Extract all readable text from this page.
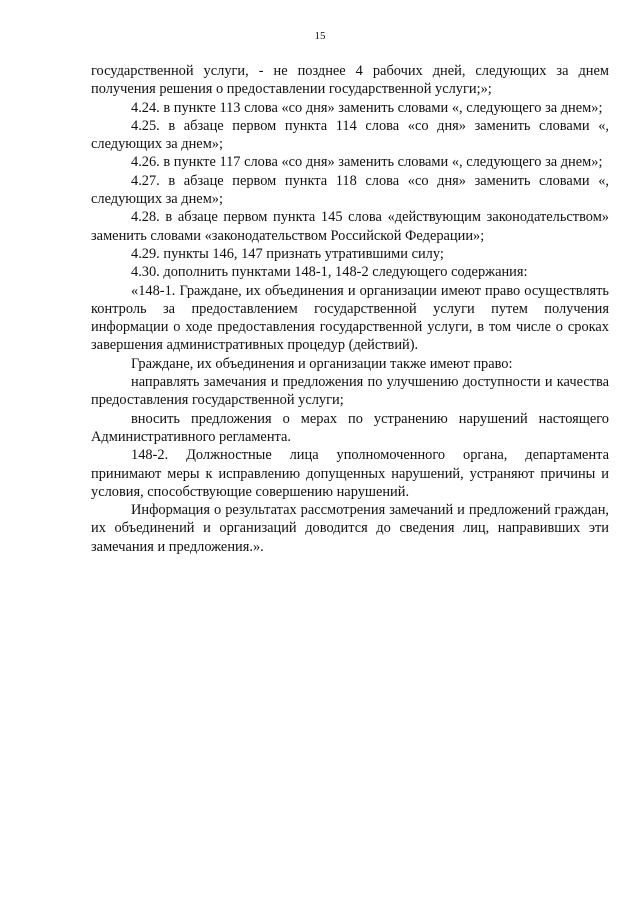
15

государственной услуги, - не позднее 4 рабочих дней, следующих за днем получения решения о предоставлении государственной услуги;»;

4.24. в пункте 113 слова «со дня» заменить словами «, следующего за днем»;

4.25. в абзаце первом пункта 114 слова «со дня» заменить словами «, следующих за днем»;

4.26. в пункте 117 слова «со дня» заменить словами «, следующего за днем»;

4.27. в абзаце первом пункта 118 слова «со дня» заменить словами «, следующих за днем»;

4.28. в абзаце первом пункта 145 слова «действующим законодательством» заменить словами «законодательством Российской Федерации»;

4.29. пункты 146, 147 признать утратившими силу;

4.30. дополнить пунктами 148-1, 148-2 следующего содержания:

«148-1. Граждане, их объединения и организации имеют право осуществлять контроль за предоставлением государственной услуги путем получения информации о ходе предоставления государственной услуги, в том числе о сроках завершения административных процедур (действий).

Граждане, их объединения и организации также имеют право:

направлять замечания и предложения по улучшению доступности и качества предоставления государственной услуги;

вносить предложения о мерах по устранению нарушений настоящего Административного регламента.

148-2. Должностные лица уполномоченного органа, департамента принимают меры к исправлению допущенных нарушений, устраняют причины и условия, способствующие совершению нарушений.

Информация о результатах рассмотрения замечаний и предложений граждан, их объединений и организаций доводится до сведения лиц, направивших эти замечания и предложения.».
